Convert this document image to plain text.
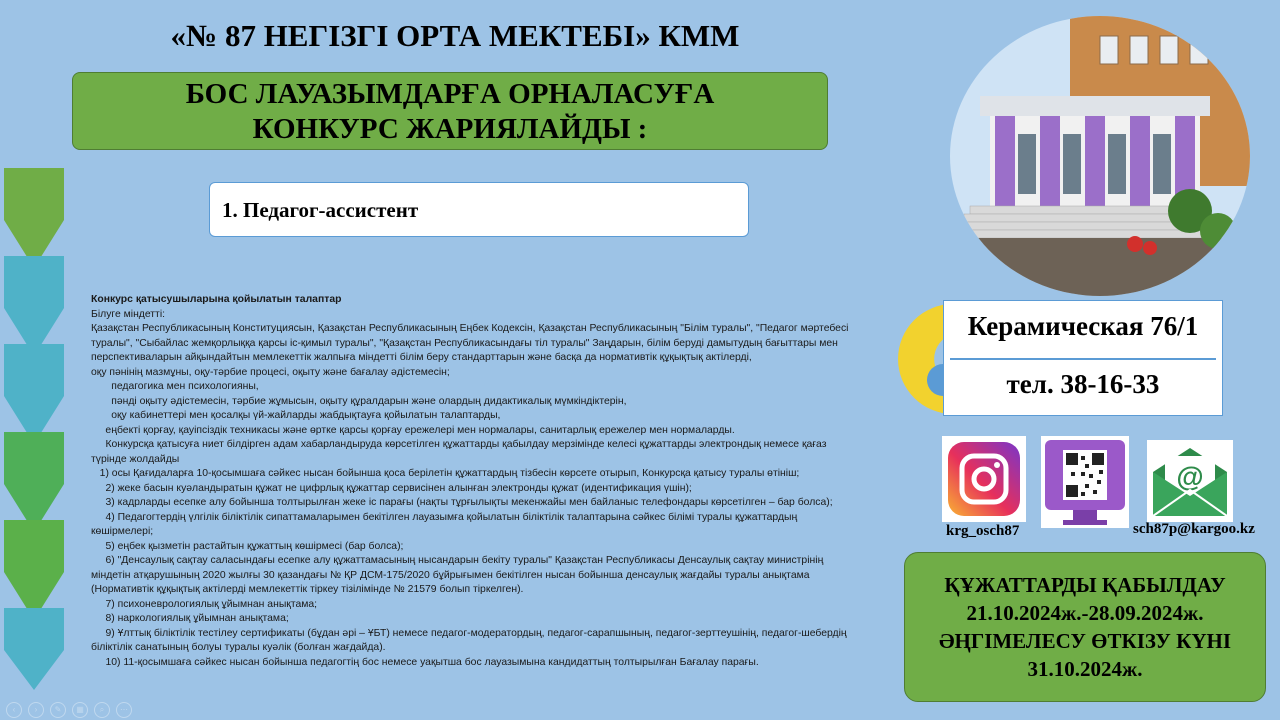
«№ 87 НЕГІЗГІ ОРТА МЕКТЕБІ» КММ
БОС ЛАУАЗЫМДАРҒА ОРНАЛАСУҒА
КОНКУРС ЖАРИЯЛАЙДЫ :
1. Педагог-ассистент

Конкурс қатысушыларына қойылатын талаптар

Білуге міндетті:

Қазақстан Республикасының Конституциясын, Қазақстан Республикасының Еңбек Кодексін, Қазақстан Республикасының "Білім туралы", "Педагог мәртебесі туралы", "Сыбайлас жемқорлыққа қарсы іс-қимыл туралы", "Қазақстан Республикасындағы тіл туралы" Заңдарын, білім беруді дамытудың бағыттары мен перспективаларын айқындайтын мемлекеттік жалпыға міндетті білім беру стандарттарын және басқа да нормативтік құқықтық актілерді,

оқу пәнінің мазмұны, оқу-тәрбие процесі, оқыту және бағалау әдістемесін;

педагогика мен психологияны,

пәнді оқыту әдістемесін, тәрбие жұмысын, оқыту құралдарын және олардың дидактикалық мүмкіндіктерін,

оқу кабинеттері мен қосалқы үй-жайларды жабдықтауға қойылатын талаптарды,

еңбекті қорғау, қауіпсіздік техникасы және өртке қарсы қорғау ережелері мен нормалары, санитарлық ережелер мен нормаларды.

Конкурсқа қатысуға ниет білдірген адам хабарландыруда көрсетілген құжаттарды қабылдау мерзімінде келесі құжаттарды электрондық немесе қағаз түрінде жолдайды

1) осы Қағидаларға 10-қосымшаға сәйкес нысан бойынша қоса берілетін құжаттардың тізбесін көрсете отырып, Конкурсқа қатысу туралы өтініш;

2) жеке басын куәландыратын құжат не цифрлық құжаттар сервисінен алынған электронды құжат (идентификация үшін);

3) кадрларды есепке алу бойынша толтырылған жеке іс парағы (нақты тұрғылықты мекенжайы мен байланыс телефондары көрсетілген – бар болса);

4) Педагогтердің үлгілік біліктілік сипаттамаларымен бекітілген лауазымға қойылатын біліктілік талаптарына сәйкес білімі туралы құжаттардың көшірмелері;

5) еңбек қызметін растайтын құжаттың көшірмесі (бар болса);

6) "Денсаулық сақтау саласындағы есепке алу құжаттамасының нысандарын бекіту туралы" Қазақстан Республикасы Денсаулық сақтау министрінің міндетін атқарушының 2020 жылғы 30 қазандағы № ҚР ДСМ-175/2020 бұйрығымен бекітілген нысан бойынша денсаулық жағдайы туралы анықтама (Нормативтік құқықтық актілерді мемлекеттік тіркеу тізілімінде № 21579 болып тіркелген).

7) психоневрологиялық ұйымнан анықтама;

8) наркологиялық ұйымнан анықтама;

9) Ұлттық біліктілік тестілеу сертификаты (бұдан әрі – ҰБТ) немесе педагог-модератордың, педагог-сарапшының, педагог-зерттеушінің, педагог-шебердің біліктілік санатының болуы туралы куәлік (болған жағдайда).

10) 11-қосымшаға сәйкес нысан бойынша педагогтің бос немесе уақытша бос лауазымына кандидаттың толтырылған Бағалау парағы.

Керамическая 76/1
тел. 38-16-33
krg_osch87
@
sch87p@kargoo.kz
ҚҰЖАТТАРДЫ ҚАБЫЛДАУ
21.10.2024ж.-28.09.2024ж.
ӘҢГІМЕЛЕСУ ӨТКІЗУ КҮНІ
31.10.2024ж.
‹	›	✎	▦	⌕	⋯
